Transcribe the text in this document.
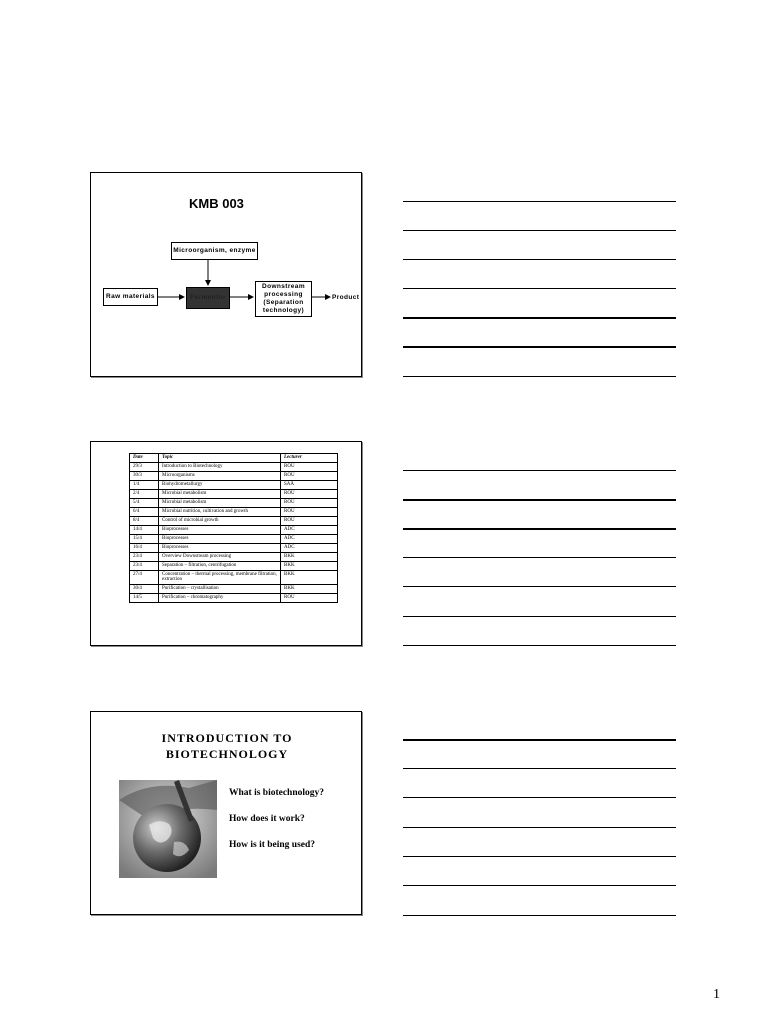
KMB 003
Microorganism, enzyme
Raw materials	Fermentor
Downstream processing (Separation technology)
Product
Date	Topic	Lecturer
29/3	Introduction to Biotechnology	ROU
30/3	Microorganisms	ROU
1/4	Biohydrometallurgy	SAÅ
2/4	Microbial metabolism	ROU
5/4	Microbial metabolism	ROU
6/4	Microbial nutrition, cultivation and growth	ROU
8/4	Control of microbial growth	ROU
14/4	Bioprocesses	ADC
15/4	Bioprocesses	ADC
16/4	Bioprocesses	ADC
23/4	Overview Downstream processing	BKK
23/4	Separation – filtration, centrifugation	BKK
27/4	Concentration – thermal processing, membrane filtration, extraction	BKK
30/4	Purification – crystallisation	BKK
14/5	Purification – chromatography	ROU
INTRODUCTION TO
BIOTECHNOLOGY
What is biotechnology?
How does it work?
How is it being used?
1
